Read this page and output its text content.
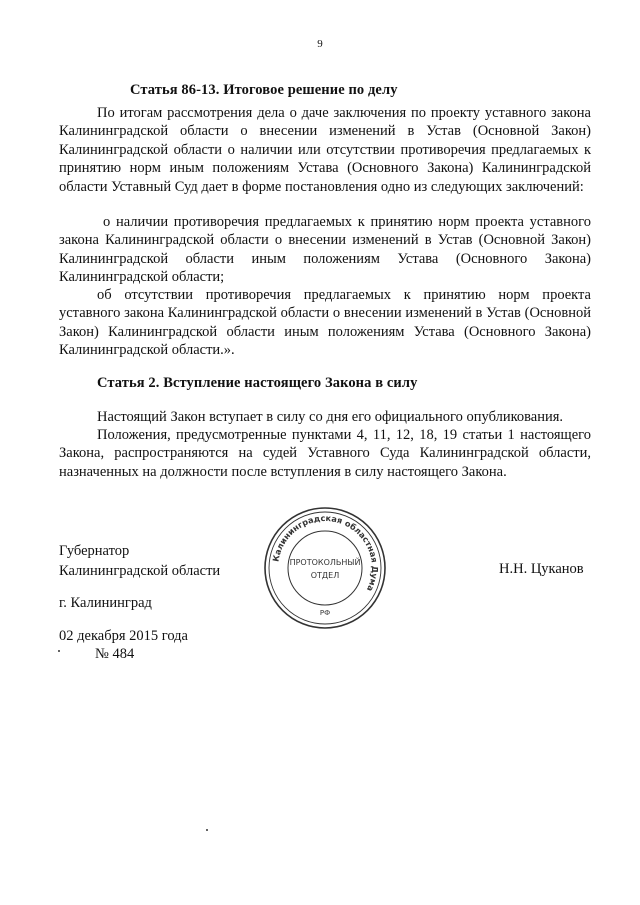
9
Статья 86-13. Итоговое решение по делу
По итогам рассмотрения дела о даче заключения по проекту уставного закона Калининградской области о внесении изменений в Устав (Основной Закон) Калининградской области о наличии или отсутствии противоречия предлагаемых к принятию норм иным положениям Устава (Основного Закона) Калининградской области Уставный Суд дает в форме постановления одно из следующих заключений:
о наличии противоречия предлагаемых к принятию норм проекта уставного закона Калининградской области о внесении изменений в Устав (Основной Закон) Калининградской области иным положениям Устава (Основного Закона) Калининградской области;
об отсутствии противоречия предлагаемых к принятию норм проекта уставного закона Калининградской области о внесении изменений в Устав (Основной Закон) Калининградской области иным положениям Устава (Основного Закона) Калининградской области.».
Статья 2. Вступление настоящего Закона в силу
Настоящий Закон вступает в силу со дня его официального опубликования.
Положения, предусмотренные пунктами 4, 11, 12, 18, 19 статьи 1 настоящего Закона, распространяются на судей Уставного Суда Калининградской области, назначенных на должности после вступления в силу настоящего Закона.
Губернатор
Калининградской области	Н.Н. Цуканов
г. Калининград
02 декабря 2015 года
№ 484
Калининградская областная Дума
ПРОТОКОЛЬНЫЙ
ОТДЕЛ
РФ
